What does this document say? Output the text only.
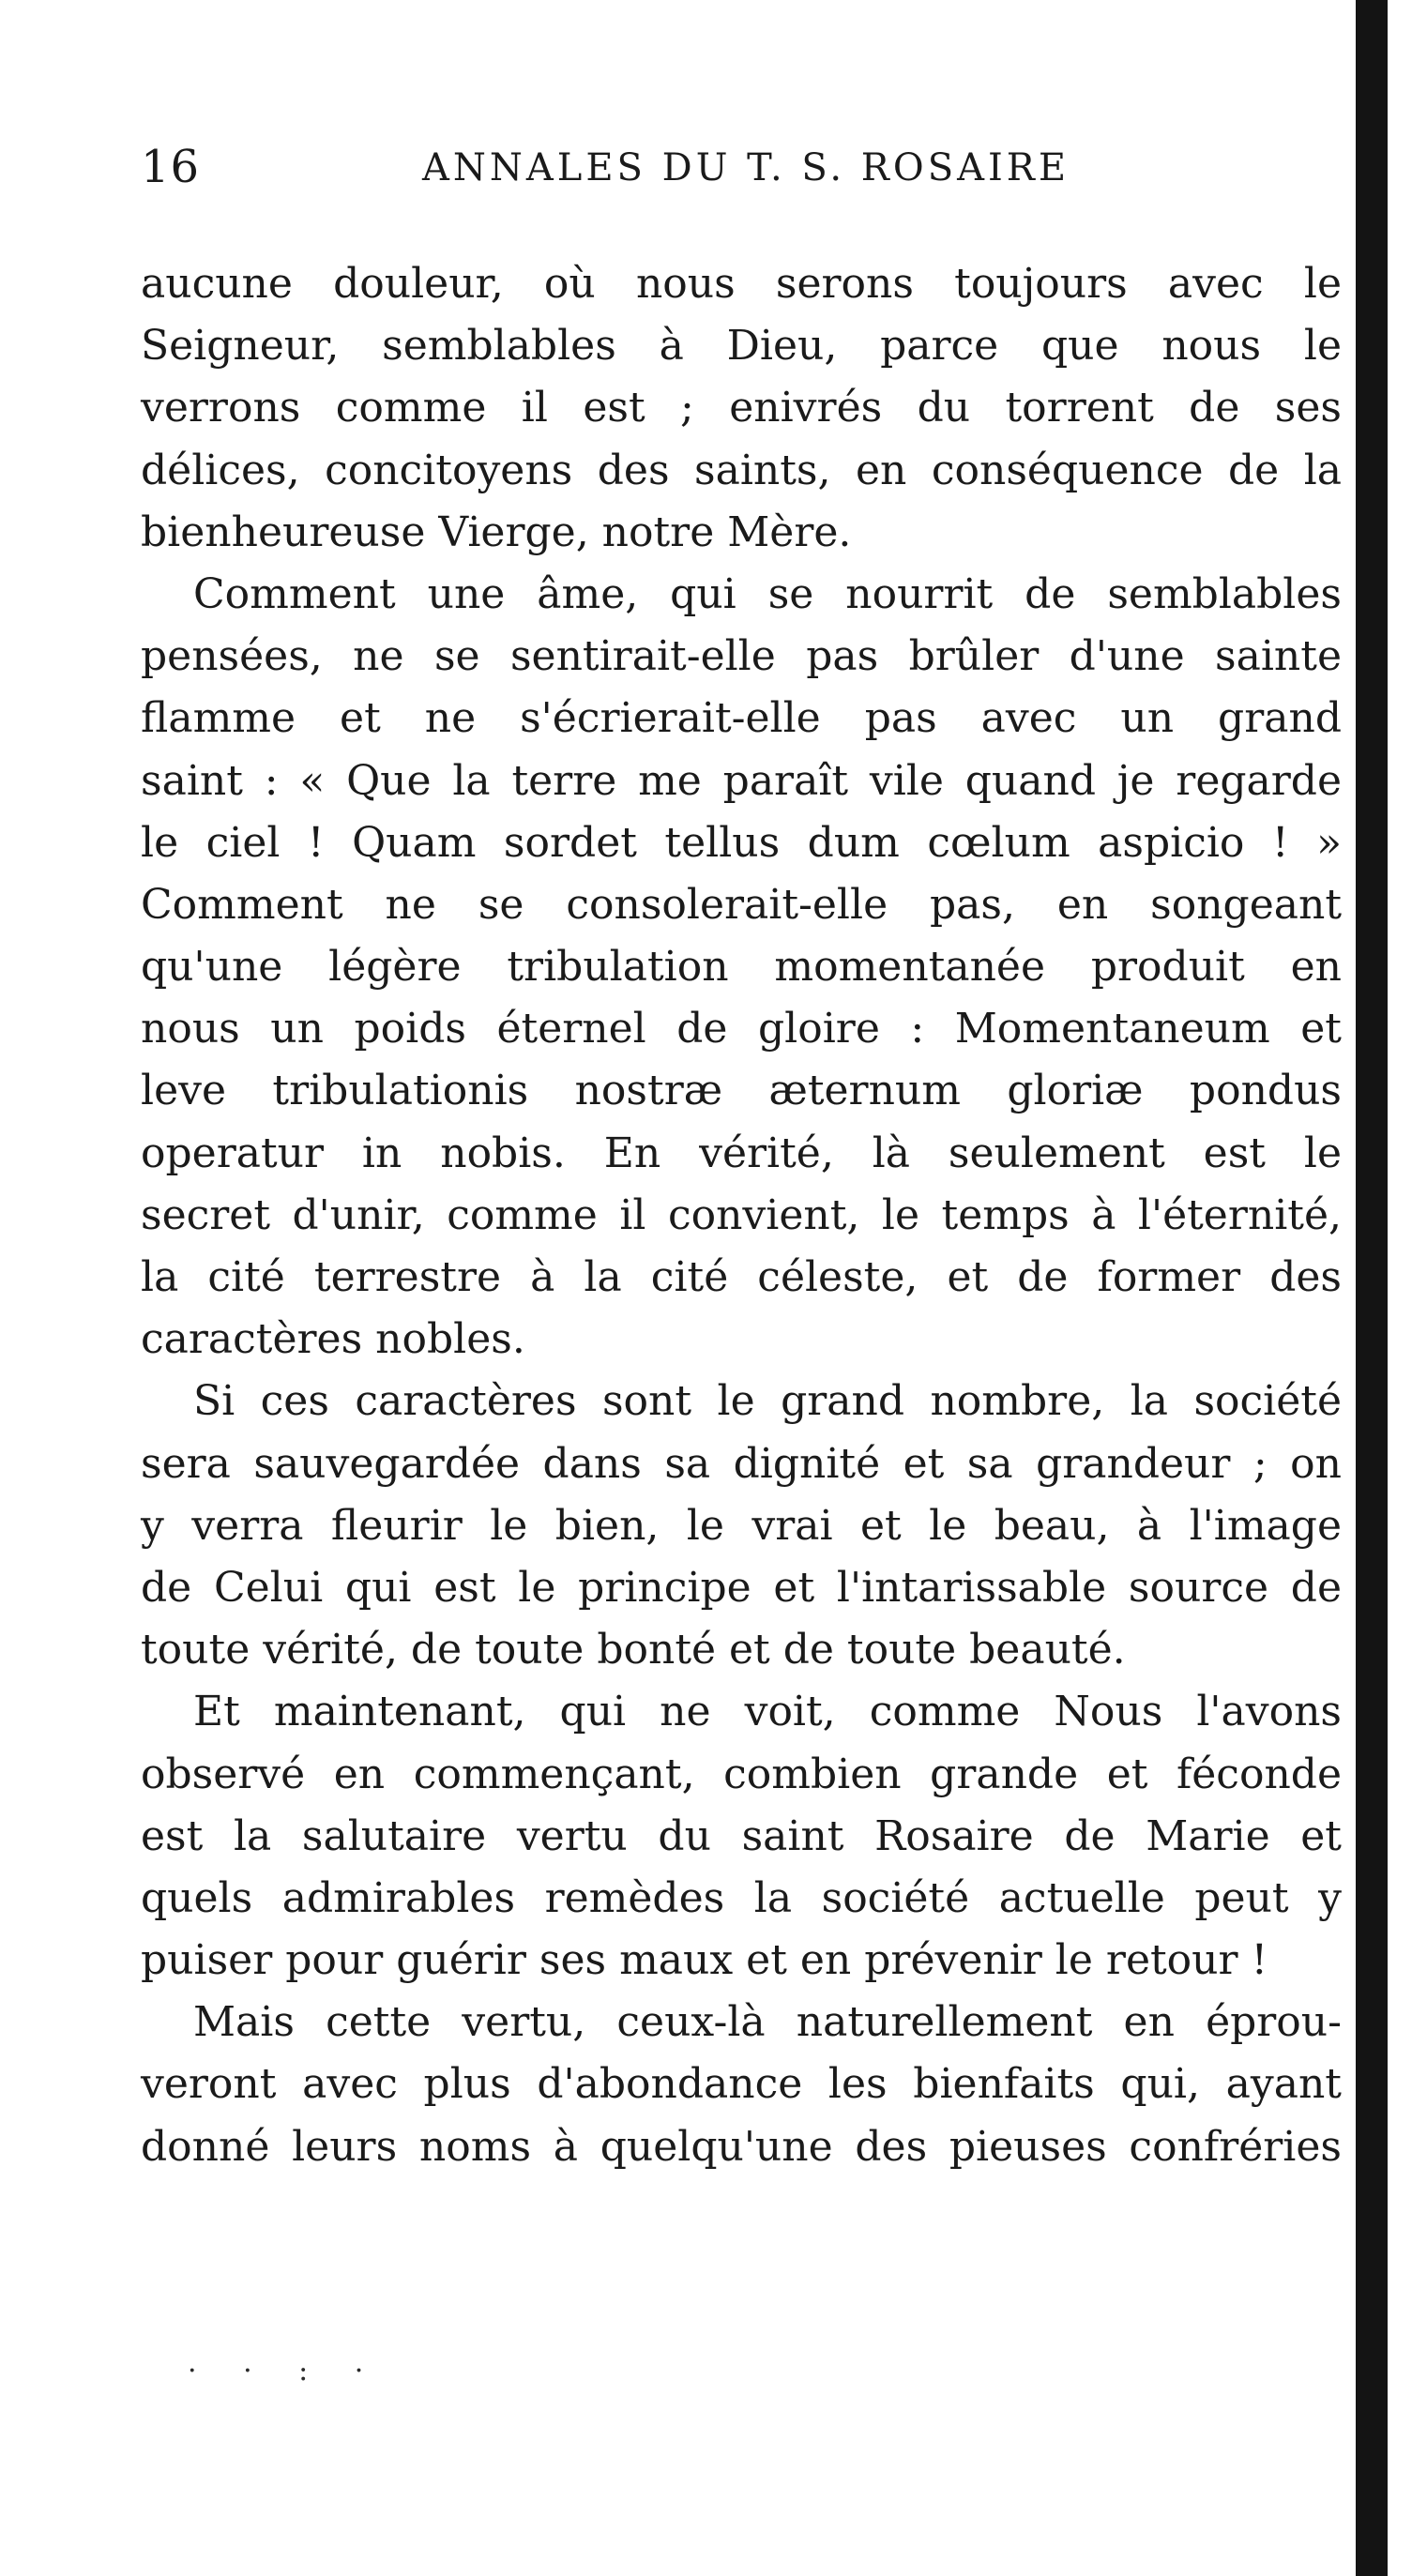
16	ANNALES DU T. S. ROSAIRE
aucune douleur, où nous serons toujours avec le
Seigneur, semblables à Dieu, parce que nous le
verrons comme il est ; enivrés du torrent de ses
délices, concitoyens des saints, en conséquence de la
bienheureuse Vierge, notre Mère.
Comment une âme, qui se nourrit de semblables
pensées, ne se sentirait-elle pas brûler d'une sainte
flamme et ne s'écrierait-elle pas avec un grand
saint : « Que la terre me paraît vile quand je regarde
le ciel ! Quam sordet tellus dum cœlum aspicio ! »
Comment ne se consolerait-elle pas, en songeant
qu'une légère tribulation momentanée produit en
nous un poids éternel de gloire : Momentaneum et
leve tribulationis nostræ æternum gloriæ pondus
operatur in nobis. En vérité, là seulement est le
secret d'unir, comme il convient, le temps à l'éternité,
la cité terrestre à la cité céleste, et de former des
caractères nobles.
Si ces caractères sont le grand nombre, la société
sera sauvegardée dans sa dignité et sa grandeur ; on
y verra fleurir le bien, le vrai et le beau, à l'image
de Celui qui est le principe et l'intarissable source de
toute vérité, de toute bonté et de toute beauté.
Et maintenant, qui ne voit, comme Nous l'avons
observé en commençant, combien grande et féconde
est la salutaire vertu du saint Rosaire de Marie et
quels admirables remèdes la société actuelle peut y
puiser pour guérir ses maux et en prévenir le retour !
Mais cette vertu, ceux-là naturellement en éprou-
veront avec plus d'abondance les bienfaits qui, ayant
donné leurs noms à quelqu'une des pieuses confréries
· · : ·
